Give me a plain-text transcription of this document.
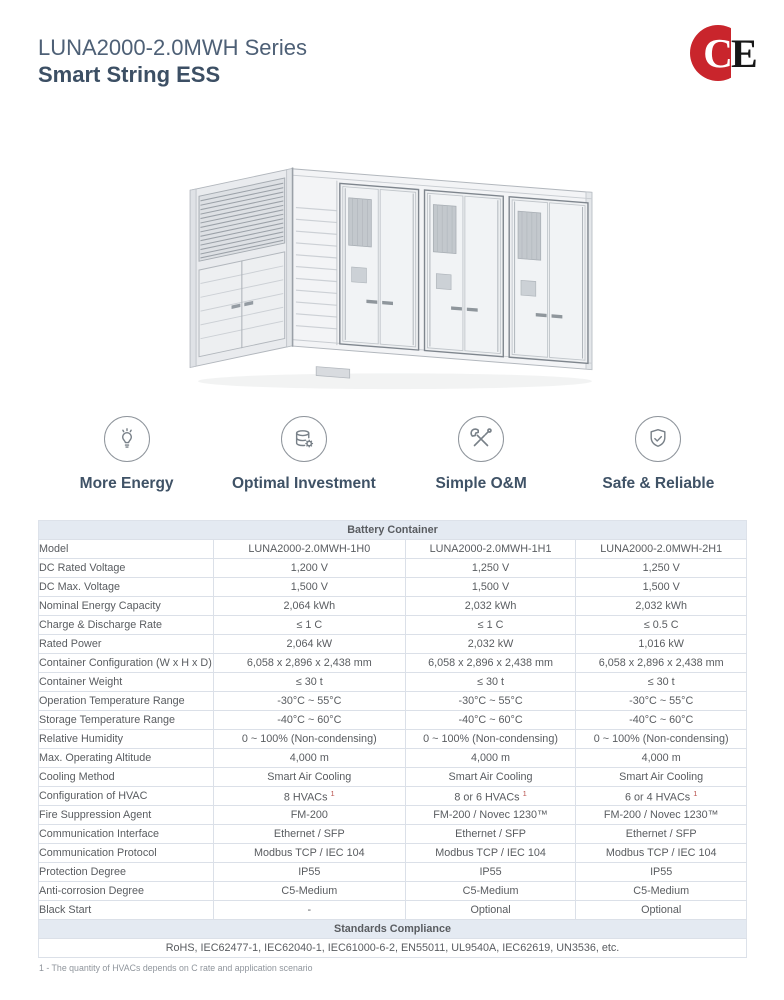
C
E
LUNA2000-2.0MWH Series
Smart String ESS
More Energy	Optimal Investment	Simple O&M	Safe & Reliable
Battery Container			
Model	LUNA2000-2.0MWH-1H0	LUNA2000-2.0MWH-1H1	LUNA2000-2.0MWH-2H1
DC Rated Voltage	1,200 V	1,250 V	1,250 V
DC Max. Voltage	1,500 V	1,500 V	1,500 V
Nominal Energy Capacity	2,064 kWh	2,032 kWh	2,032 kWh
Charge & Discharge Rate	≤ 1 C	≤ 1 C	≤ 0.5 C
Rated Power	2,064 kW	2,032 kW	1,016 kW
Container Configuration (W x H x D)	6,058 x 2,896 x 2,438 mm	6,058 x 2,896 x 2,438 mm	6,058 x 2,896 x 2,438 mm
Container Weight	≤ 30 t	≤ 30 t	≤ 30 t
Operation Temperature Range	-30°C ~ 55°C	-30°C ~ 55°C	-30°C ~ 55°C
Storage Temperature Range	-40°C ~ 60°C	-40°C ~ 60°C	-40°C ~ 60°C
Relative Humidity	0 ~ 100% (Non-condensing)	0 ~ 100% (Non-condensing)	0 ~ 100% (Non-condensing)
Max. Operating Altitude	4,000 m	4,000 m	4,000 m
Cooling Method	Smart Air Cooling	Smart Air Cooling	Smart Air Cooling
Configuration of HVAC	8 HVACs $^1$	8 or 6 HVACs $^1$	6 or 4 HVACs $^1$
Fire Suppression Agent	FM-200	FM-200 / Novec 1230™	FM-200 / Novec 1230™
Communication Interface	Ethernet / SFP	Ethernet / SFP	Ethernet / SFP
Communication Protocol	Modbus TCP / IEC 104	Modbus TCP / IEC 104	Modbus TCP / IEC 104
Protection Degree	IP55	IP55	IP55
Anti-corrosion Degree	C5-Medium	C5-Medium	C5-Medium
Black Start	-	Optional	Optional
Standards Compliance			
RoHS, IEC62477-1, IEC62040-1, IEC61000-6-2, EN55011, UL9540A, IEC62619, UN3536, etc.			
1 - The quantity of HVACs depends on C rate and application scenario
